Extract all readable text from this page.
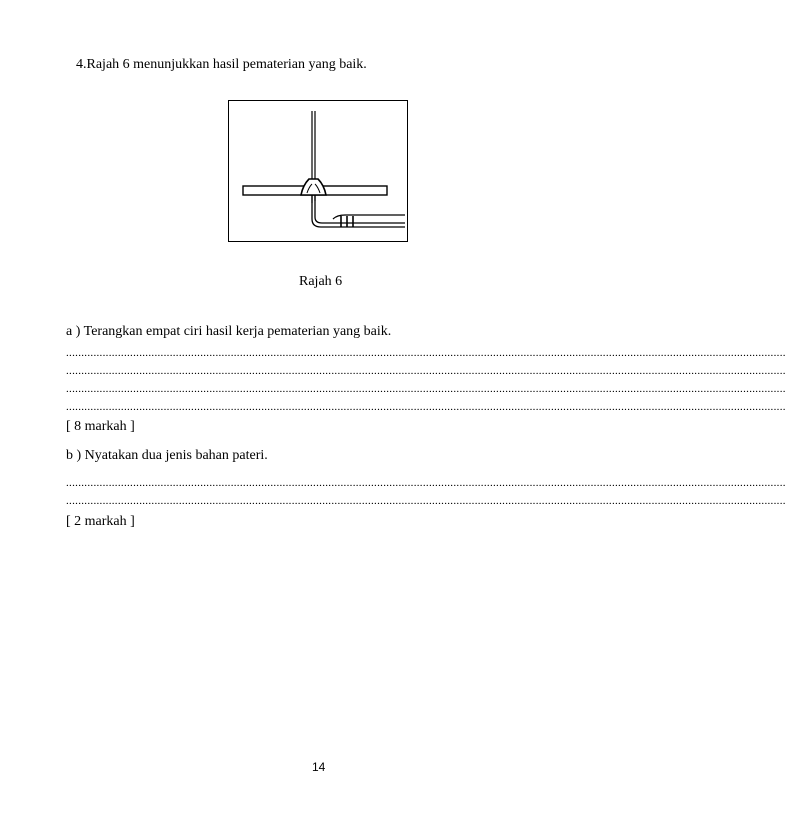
4.Rajah 6 menunjukkan hasil pematerian yang baik.
Rajah 6
a ) Terangkan empat ciri hasil kerja pematerian yang baik.
............................................................................................................................................................................................................................................
............................................................................................................................................................................................................................................
............................................................................................................................................................................................................................................
............................................................................................................................................................................................................................................
[ 8 markah ]
b ) Nyatakan dua jenis bahan pateri.
............................................................................................................................................................................................................................................
............................................................................................................................................................................................................................................
[ 2 markah ]
14
